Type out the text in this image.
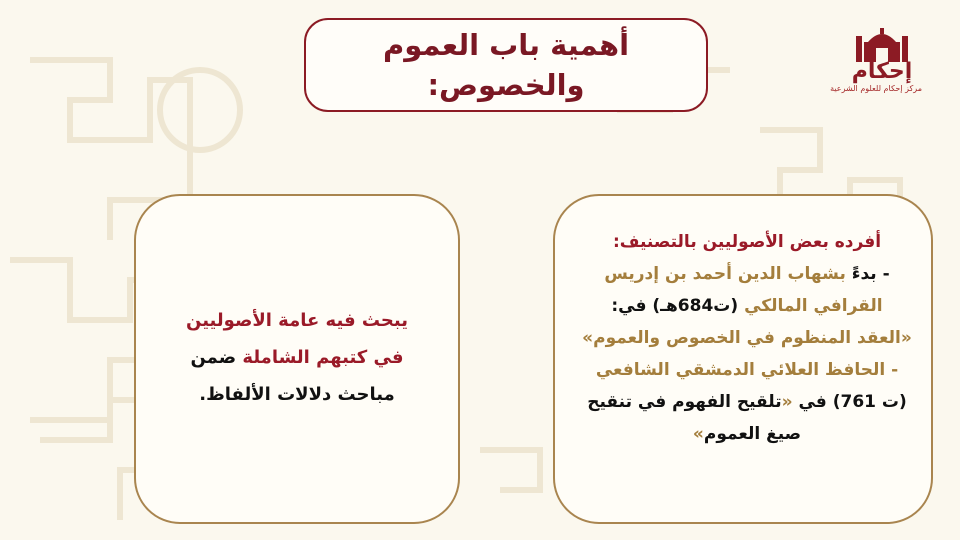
أهمية باب العموم
والخصوص:	إحكام
مركز إحكام للعلوم الشرعية
يبحث فيه عامة الأصوليين
في كتبهم الشاملة ضمن
مباحث دلالات الألفاظ.
أفرده بعض الأصوليين بالتصنيف:
- بدءً بشهاب الدين أحمد بن إدريس القرافي المالكي (ت684هـ) في:
«العقد المنظوم في الخصوص والعموم»
- الحافظ العلائي الدمشقي الشافعي
(ت 761) في «تلقيح الفهوم في تنقيح صيغ العموم»
